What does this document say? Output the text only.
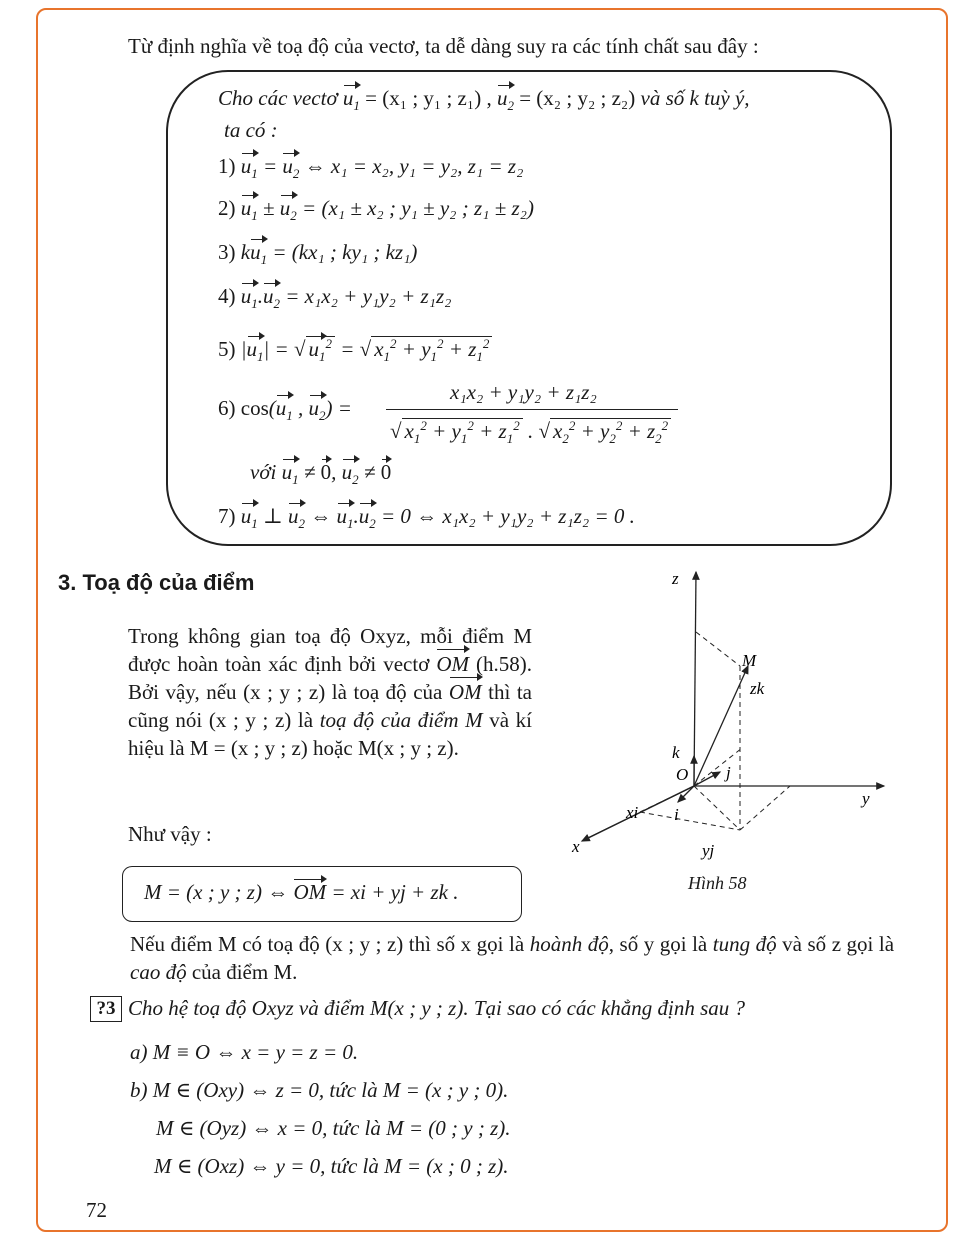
Từ định nghĩa về toạ độ của vectơ, ta dễ dàng suy ra các tính chất sau đây :
Cho các vectơ $u_1 = (x_1$ ; y₁ ; z₁) , $u_2 = (x_2$ ; y₂ ; z₂) và số k tuỳ ý,
ta có :
1) $u_1 = u_2$ ⇔ x₁ = x₂, y₁ = y₂, z₁ = z₂
2) $u_1 \pm u_2 = (x_1 \pm x_2$ ; y₁ ± y₂ ; z₁ ± z₂)
3) $ku_1 = (kx_1$ ; ky₁ ; kz₁)
4) $u_1.u_2 = x_1x_2 + y_1y_2 + z_1z_2$
5) $|u_1|$ = √ $u_1^2$ = √ $x_1^2 + y_1^2 + z_1^2$
6) $\cos(u_1$ , $u_2$) =
x₁x₂ + y₁y₂ + z₁z₂
√ $x_1^2 + y_1^2 + z_1^2$ . √ $x_2^2 + y_2^2 + z_2^2$
với $u_1 \ne 0$, $u_2 \ne 0$
7) $u_1$ ⊥ $u_2$ ⇔ $u_1.u_2 = 0$ ⇔ x₁x₂ + y₁y₂ + z₁z₂ = 0 .
3. Toạ độ của điểm
Trong không gian toạ độ Oxyz, mỗi điểm M được hoàn toàn xác định bởi vectơ OM (h.58). Bởi vậy, nếu (x ; y ; z) là toạ độ của OM thì ta cũng nói (x ; y ; z) là toạ độ của điểm M và kí hiệu là M = (x ; y ; z) hoặc M(x ; y ; z).
Như vậy :
M = (x ; y ; z) ⇔ OM = xi + yj + zk .
Nếu điểm M có toạ độ (x ; y ; z) thì số x gọi là hoành độ, số y gọi là tung độ và số z gọi là cao độ của điểm M.
?3 Cho hệ toạ độ Oxyz và điểm M(x ; y ; z). Tại sao có các khẳng định sau ?
a) M ≡ O ⇔ x = y = z = 0.
b) M ∈ (Oxy) ⇔ z = 0, tức là M = (x ; y ; 0).
M ∈ (Oyz) ⇔ x = 0, tức là M = (0 ; y ; z).
M ∈ (Oxz) ⇔ y = 0, tức là M = (x ; 0 ; z).
72
z
y
x
O
M
zk
k
j
i
xi
yj
Hình 58
